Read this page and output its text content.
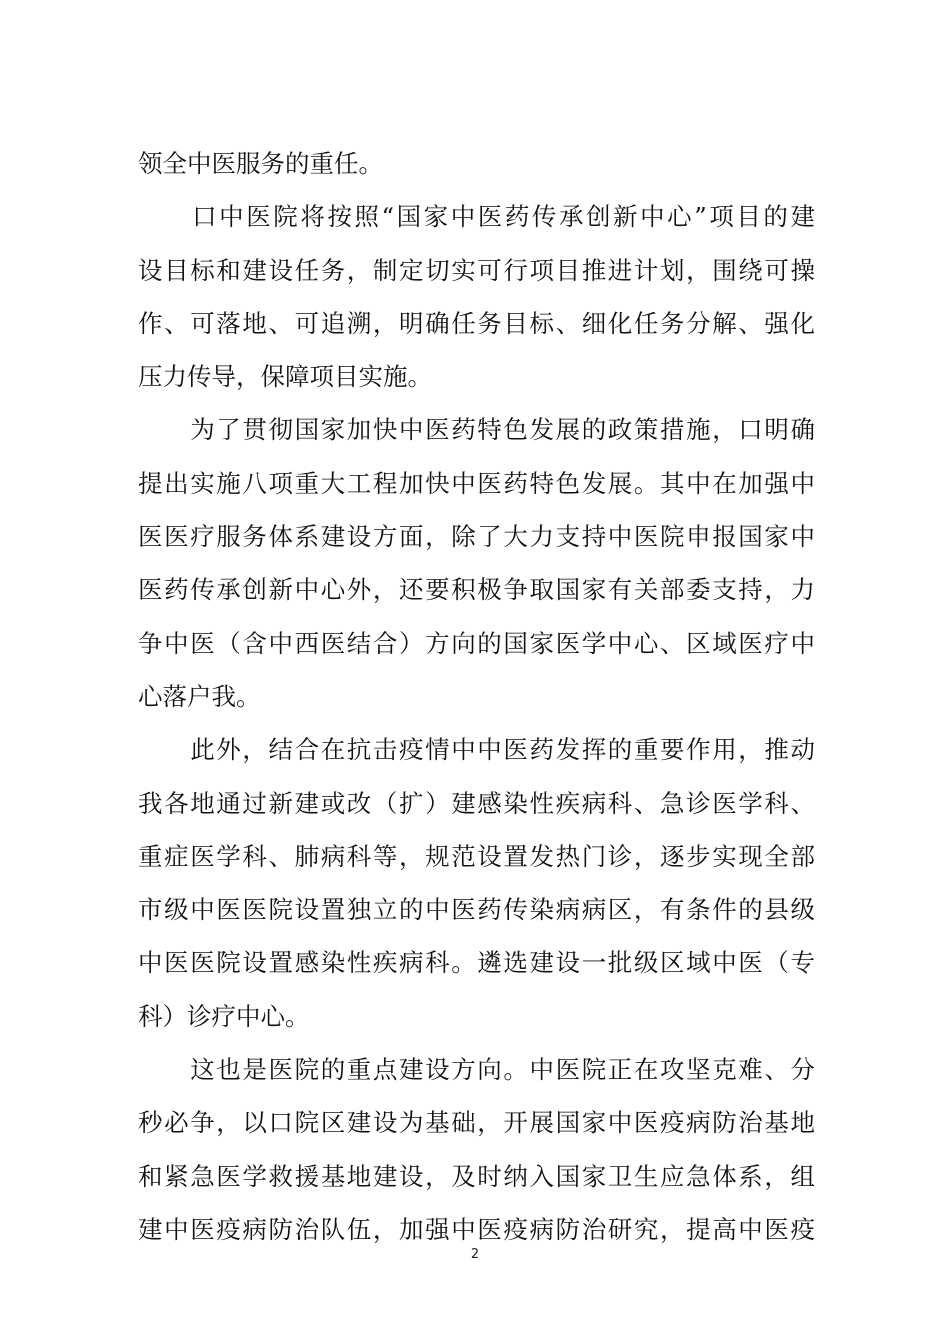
领全中医服务的重任。
　　口中医院将按照“国家中医药传承创新中心”项目的建
设目标和建设任务，制定切实可行项目推进计划，围绕可操
作、可落地、可追溯，明确任务目标、细化任务分解、强化
压力传导，保障项目实施。
　　为了贯彻国家加快中医药特色发展的政策措施，口明确
提出实施八项重大工程加快中医药特色发展。其中在加强中
医医疗服务体系建设方面，除了大力支持中医院申报国家中
医药传承创新中心外，还要积极争取国家有关部委支持，力
争中医（含中西医结合）方向的国家医学中心、区域医疗中
心落户我。
　　此外，结合在抗击疫情中中医药发挥的重要作用，推动
我各地通过新建或改（扩）建感染性疾病科、急诊医学科、
重症医学科、肺病科等，规范设置发热门诊，逐步实现全部
市级中医医院设置独立的中医药传染病病区，有条件的县级
中医医院设置感染性疾病科。遴选建设一批级区域中医（专
科）诊疗中心。
　　这也是医院的重点建设方向。中医院正在攻坚克难、分
秒必争，以口院区建设为基础，开展国家中医疫病防治基地
和紧急医学救援基地建设，及时纳入国家卫生应急体系，组
建中医疫病防治队伍，加强中医疫病防治研究，提高中医疫
2
